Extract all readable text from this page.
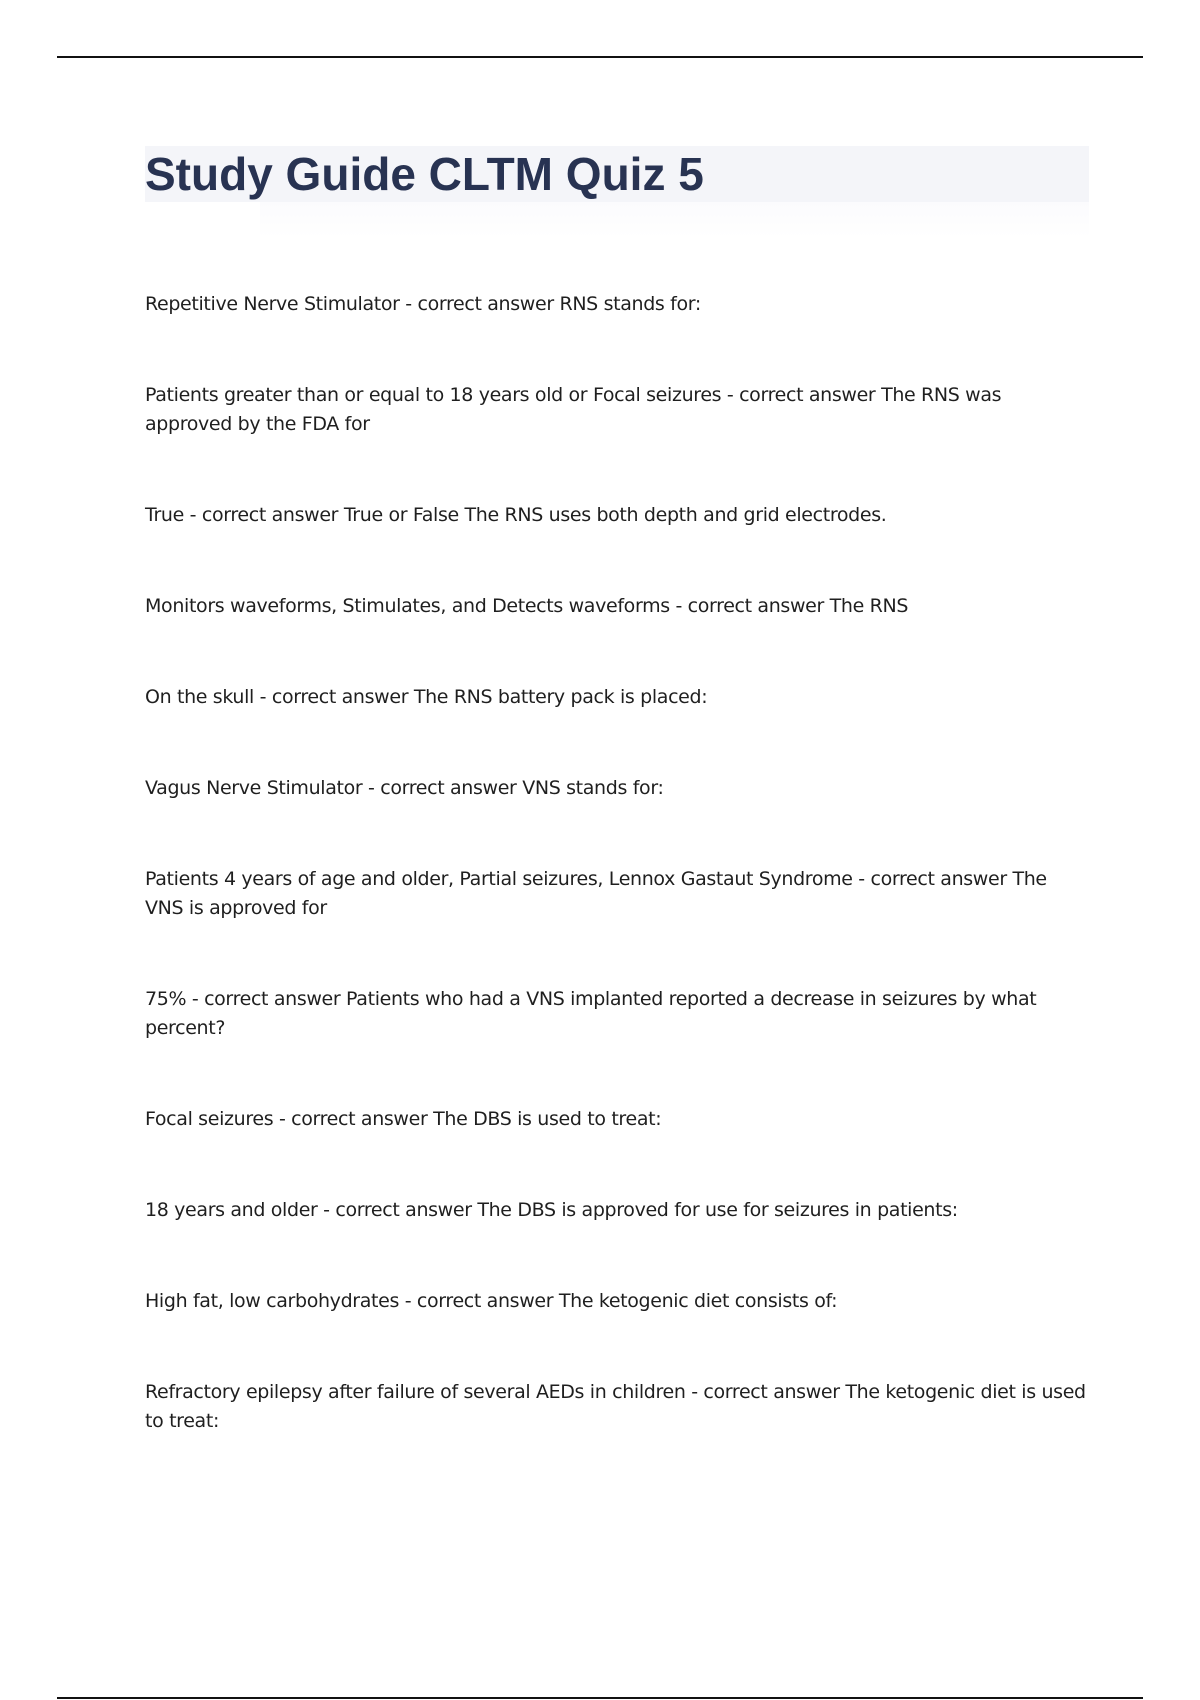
Study Guide CLTM Quiz 5
Repetitive Nerve Stimulator - correct answer RNS stands for:
Patients greater than or equal to 18 years old or Focal seizures - correct answer The RNS was approved by the FDA for
True - correct answer True or False The RNS uses both depth and grid electrodes.
Monitors waveforms, Stimulates, and Detects waveforms - correct answer The RNS
On the skull - correct answer The RNS battery pack is placed:
Vagus Nerve Stimulator - correct answer VNS stands for:
Patients 4 years of age and older, Partial seizures, Lennox Gastaut Syndrome - correct answer The VNS is approved for
75% - correct answer Patients who had a VNS implanted reported a decrease in seizures by what percent?
Focal seizures - correct answer The DBS is used to treat:
18 years and older - correct answer The DBS is approved for use for seizures in patients:
High fat, low carbohydrates - correct answer The ketogenic diet consists of:
Refractory epilepsy after failure of several AEDs in children - correct answer The ketogenic diet is used to treat:
